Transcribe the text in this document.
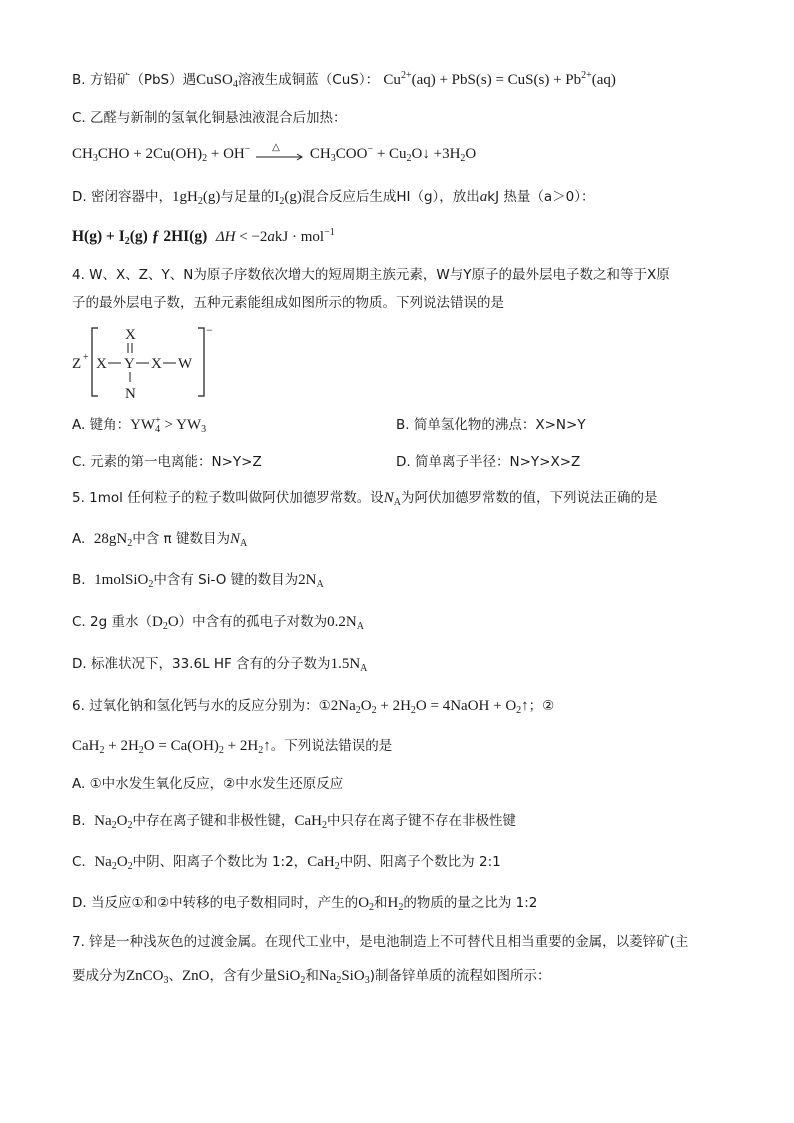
B. 方铅矿（PbS）遇CuSO$_4$溶液生成铜蓝（CuS）： $Cu^{2+}(aq) + PbS(s) = CuS(s) + Pb^{2+}(aq)$
C. 乙醛与新制的氢氧化铜悬浊液混合后加热：
$CH_3CHO + 2Cu(OH)_2 + OH^-$ △ $CH_3COO^-$ + $Cu_2O↓ +3H_2O$
D. 密闭容器中，$1gH_2(g)$与足量的$I_2(g)$混合反应后生成HI（g），放出akJ 热量（a＞0）：
$H(g) + I_2(g)$ ƒ 2HI(g) ΔH < −2akJ · mol$^{-1}$
4. W、X、Z、Y、N为原子序数依次增大的短周期主族元素，W与Y原子的最外层电子数之和等于X原
子的最外层电子数，五种元素能组成如图所示的物质。下列说法错误的是
Z +
−
X
X Y X W
N
A. 键角：$YW_4^+ > YW_3$	B. 简单氢化物的沸点：X>N>Y
C. 元素的第一电离能：N>Y>Z	D. 简单离子半径：N>Y>X>Z
5. 1mol 任何粒子的粒子数叫做阿伏加德罗常数。设$N_A$为阿伏加德罗常数的值，下列说法正确的是
A. $28gN_2$中含 π 键数目为$N_A$
B. 1molSiO$_2$中含有 Si-O 键的数目为$2N_A$
C. 2g 重水$(D_2O)$中含有的孤电子对数为$0.2N_A$
D. 标准状况下，33.6L HF 含有的分子数为$1.5N_A$
6. 过氧化钠和氢化钙与水的反应分别为：$①2Na_2O_2 + 2H_2O$ = 4NaOH + $O_2↑$；②
$CaH_2 + 2H_2O = Ca(OH)_2$ + $2H_2↑$。下列说法错误的是
A. ①中水发生氧化反应，②中水发生还原反应
B. $Na_2O_2$中存在离子键和非极性键，CaH$_2$中只存在离子键不存在非极性键
C. $Na_2O_2$中阴、阳离子个数比为 1:2，CaH$_2$中阴、阳离子个数比为 2:1
D. 当反应①和②中转移的电子数相同时，产生的$O_2$和$H_2$的物质的量之比为 1:2
7. 锌是一种浅灰色的过渡金属。在现代工业中，是电池制造上不可替代且相当重要的金属，以菱锌矿(主
要成分为ZnCO$_3$、ZnO，含有少量SiO$_2$和$Na_2SiO_3$)制备锌单质的流程如图所示：
